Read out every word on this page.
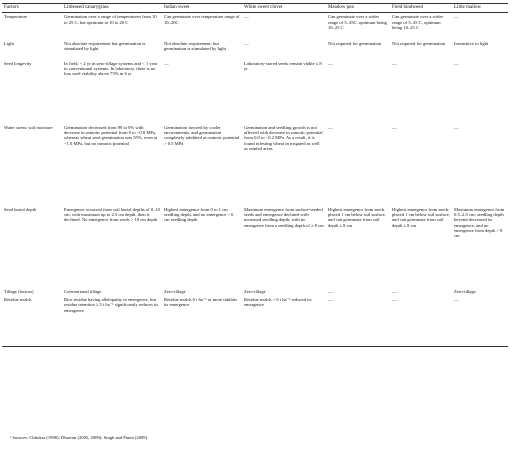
Factors	Littleseed canarygrass	Indian sweet	White sweet clover	Meadow pea	Field bindweed	Little mallow
Temperature	Germination over a range of temperatures from 10 to 25 C, but optimum at 10 to 20 C	Can germinate over temperature range of 10–20C	—	Can germinate over a wider range of 5–35C, optimum being 10–25 C	Can germinate over a wider range of 5–35 C, optimum being 10–25 C	—
Light	Not absolute requirement but germination is stimulated by light	Not absolute requirement, but germination is stimulated by light	—	Not required for germination	Not required for germination	Insensitive to light
Seed longevity	In field, < 2 yr in zero-tillage systems and < 1 year in conventional systems. In laboratory, there is no loss seed viability above 75% in 6 yr	—	Laboratory-stored seeds remain viable ≤ 8 yr	—	—	—
Water stress/ soil moisture	Germination decreased from 99 to 0% with decrease in osmotic potential from 0 to −0.8 MPa, whereas wheat seed germination was 55%, even at −1.0 MPa, but no osmotic potential	Germination favored by cooler environments, and germination completely inhibited at osmotic potential > 0.5 MPa	Germination and seedling growth is not affected with decrease in osmotic potential from 0.0 to −0.2 MPa. As a result, it is found infesting wheat in irrigated as well as rainfed areas	—	—	—
Seed burial depth	Emergence occurred from soil burial depths of 0–10 cm, with maximum up to 2.5 cm depth, then it declined. No emergence from seeds > 10 cm depth	Highest emergence from 0 to 1 cm seedling depth, and no emergence > 6 cm seedling depth	Maximum emergence from surface-seeded seeds and emergence declined with increased seedling depth, with no emergence from a seedling depth of ≥ 8 cm	Highest emergence from seeds placed 1 cm below soil surface, and can germinate from soil depth ≤ 8 cm	Highest emergence from seeds placed 1 cm below soil surface, and can germinate from soil depth ≤ 8 cm	Maximum emergence from 0.5–2.0 cm; seedling depth beyond decreased its emergence, and no emergence from depth > 8 cm
Tillage (factors)	Conventional tillage	Zero-tillage	Zero-tillage	—	—	Zero-tillage
Residue mulch	Rice residue having allelopathy in emergence, but residue retention ≥ 5 t ha⁻¹ significantly reduces its emergence	Residue mulch 6 t ha⁻¹ or more inhibits its emergence	Residue mulch > 6 t ha⁻¹ reduced its emergence	—	—	—
ᵃ Sources: Chhokar (1998); Dhawan (2005, 2009); Singh and Punia (2009).
